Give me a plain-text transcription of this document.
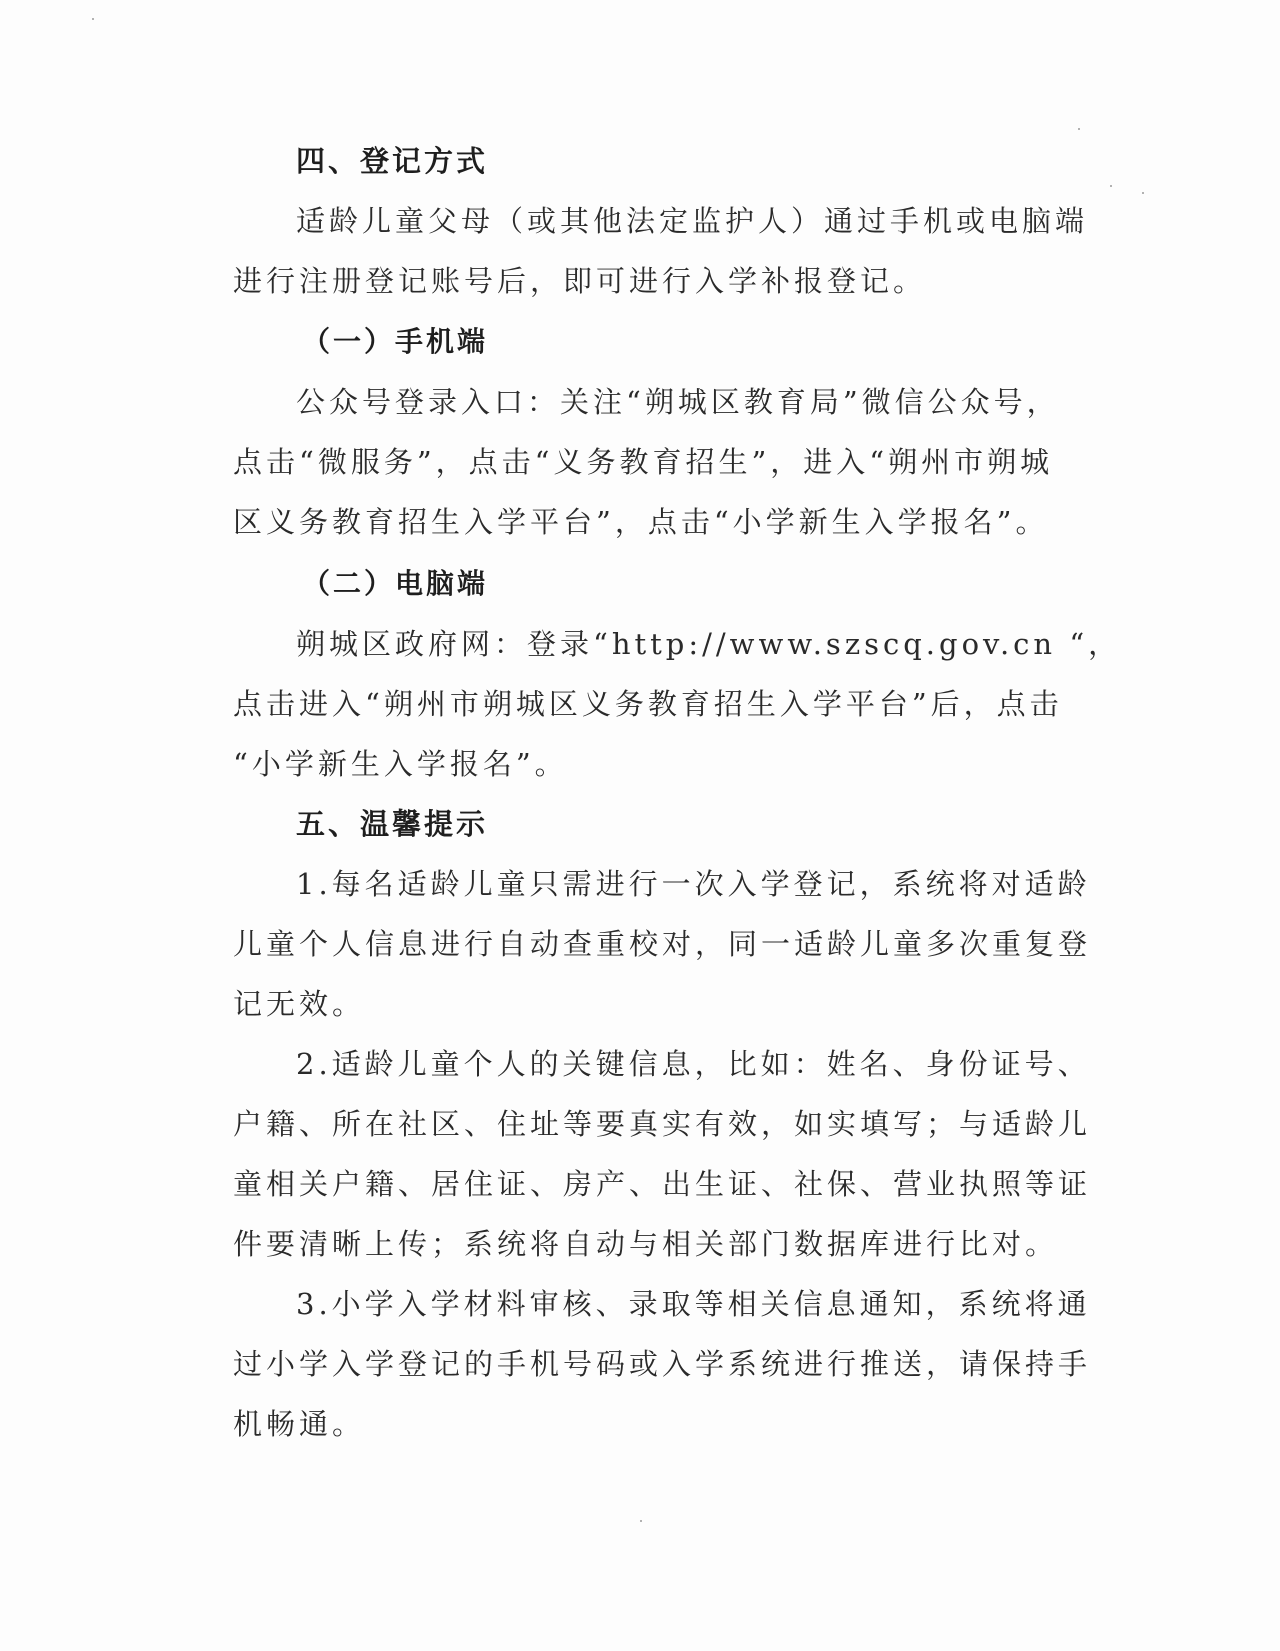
四、登记方式
适龄儿童父母（或其他法定监护人）通过手机或电脑端
进行注册登记账号后，即可进行入学补报登记。
（一）手机端
公众号登录入口：关注“朔城区教育局”微信公众号，
点击“微服务”，点击“义务教育招生”，进入“朔州市朔城
区义务教育招生入学平台”，点击“小学新生入学报名”。
（二）电脑端
朔城区政府网：登录“http://www.szscq.gov.cn “，
点击进入“朔州市朔城区义务教育招生入学平台”后，点击
“小学新生入学报名”。
五、温馨提示
1.每名适龄儿童只需进行一次入学登记，系统将对适龄
儿童个人信息进行自动查重校对，同一适龄儿童多次重复登
记无效。
2.适龄儿童个人的关键信息，比如：姓名、身份证号、
户籍、所在社区、住址等要真实有效，如实填写；与适龄儿
童相关户籍、居住证、房产、出生证、社保、营业执照等证
件要清晰上传；系统将自动与相关部门数据库进行比对。
3.小学入学材料审核、录取等相关信息通知，系统将通
过小学入学登记的手机号码或入学系统进行推送，请保持手
机畅通。
